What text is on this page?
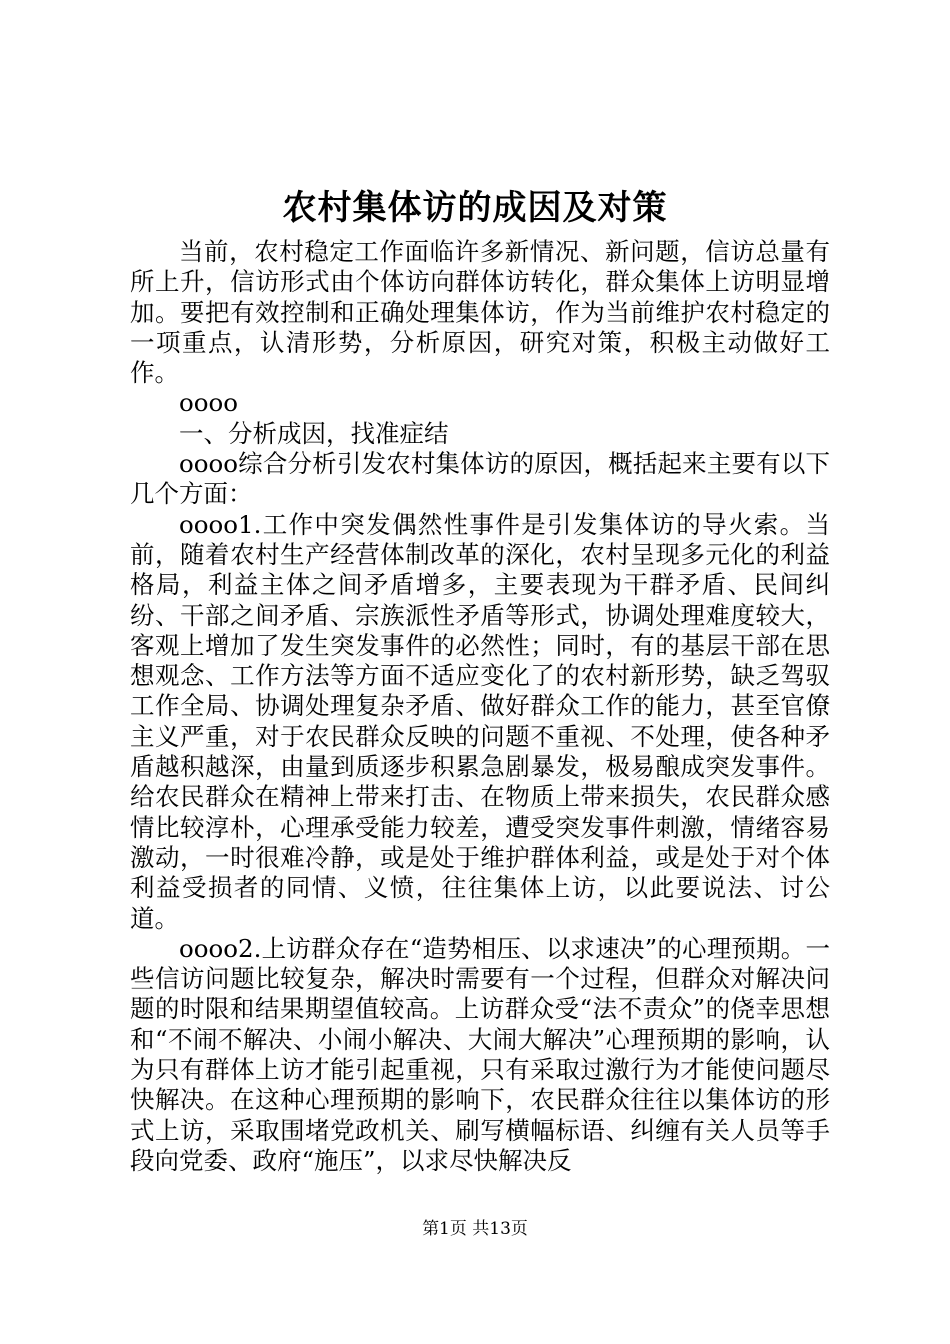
农村集体访的成因及对策

当前，农村稳定工作面临许多新情况、新问题，信访总量有所上升，信访形式由个体访向群体访转化，群众集体上访明显增加。要把有效控制和正确处理集体访，作为当前维护农村稳定的一项重点，认清形势，分析原因，研究对策，积极主动做好工作。

oooo

一、分析成因，找准症结

oooo综合分析引发农村集体访的原因，概括起来主要有以下几个方面：

oooo1.工作中突发偶然性事件是引发集体访的导火索。当前，随着农村生产经营体制改革的深化，农村呈现多元化的利益格局，利益主体之间矛盾增多，主要表现为干群矛盾、民间纠纷、干部之间矛盾、宗族派性矛盾等形式，协调处理难度较大，客观上增加了发生突发事件的必然性；同时，有的基层干部在思想观念、工作方法等方面不适应变化了的农村新形势，缺乏驾驭工作全局、协调处理复杂矛盾、做好群众工作的能力，甚至官僚主义严重，对于农民群众反映的问题不重视、不处理，使各种矛盾越积越深，由量到质逐步积累急剧暴发，极易酿成突发事件。给农民群众在精神上带来打击、在物质上带来损失，农民群众感情比较淳朴，心理承受能力较差，遭受突发事件刺激，情绪容易激动，一时很难冷静，或是处于维护群体利益，或是处于对个体利益受损者的同情、义愤，往往集体上访，以此要说法、讨公道。

oooo2.上访群众存在“造势相压、以求速决”的心理预期。一些信访问题比较复杂，解决时需要有一个过程，但群众对解决问题的时限和结果期望值较高。上访群众受“法不责众”的侥幸思想和“不闹不解决、小闹小解决、大闹大解决”心理预期的影响，认为只有群体上访才能引起重视，只有采取过激行为才能使问题尽快解决。在这种心理预期的影响下，农民群众往往以集体访的形式上访，采取围堵党政机关、刷写横幅标语、纠缠有关人员等手段向党委、政府“施压”，以求尽快解决反

第1页 共13页
